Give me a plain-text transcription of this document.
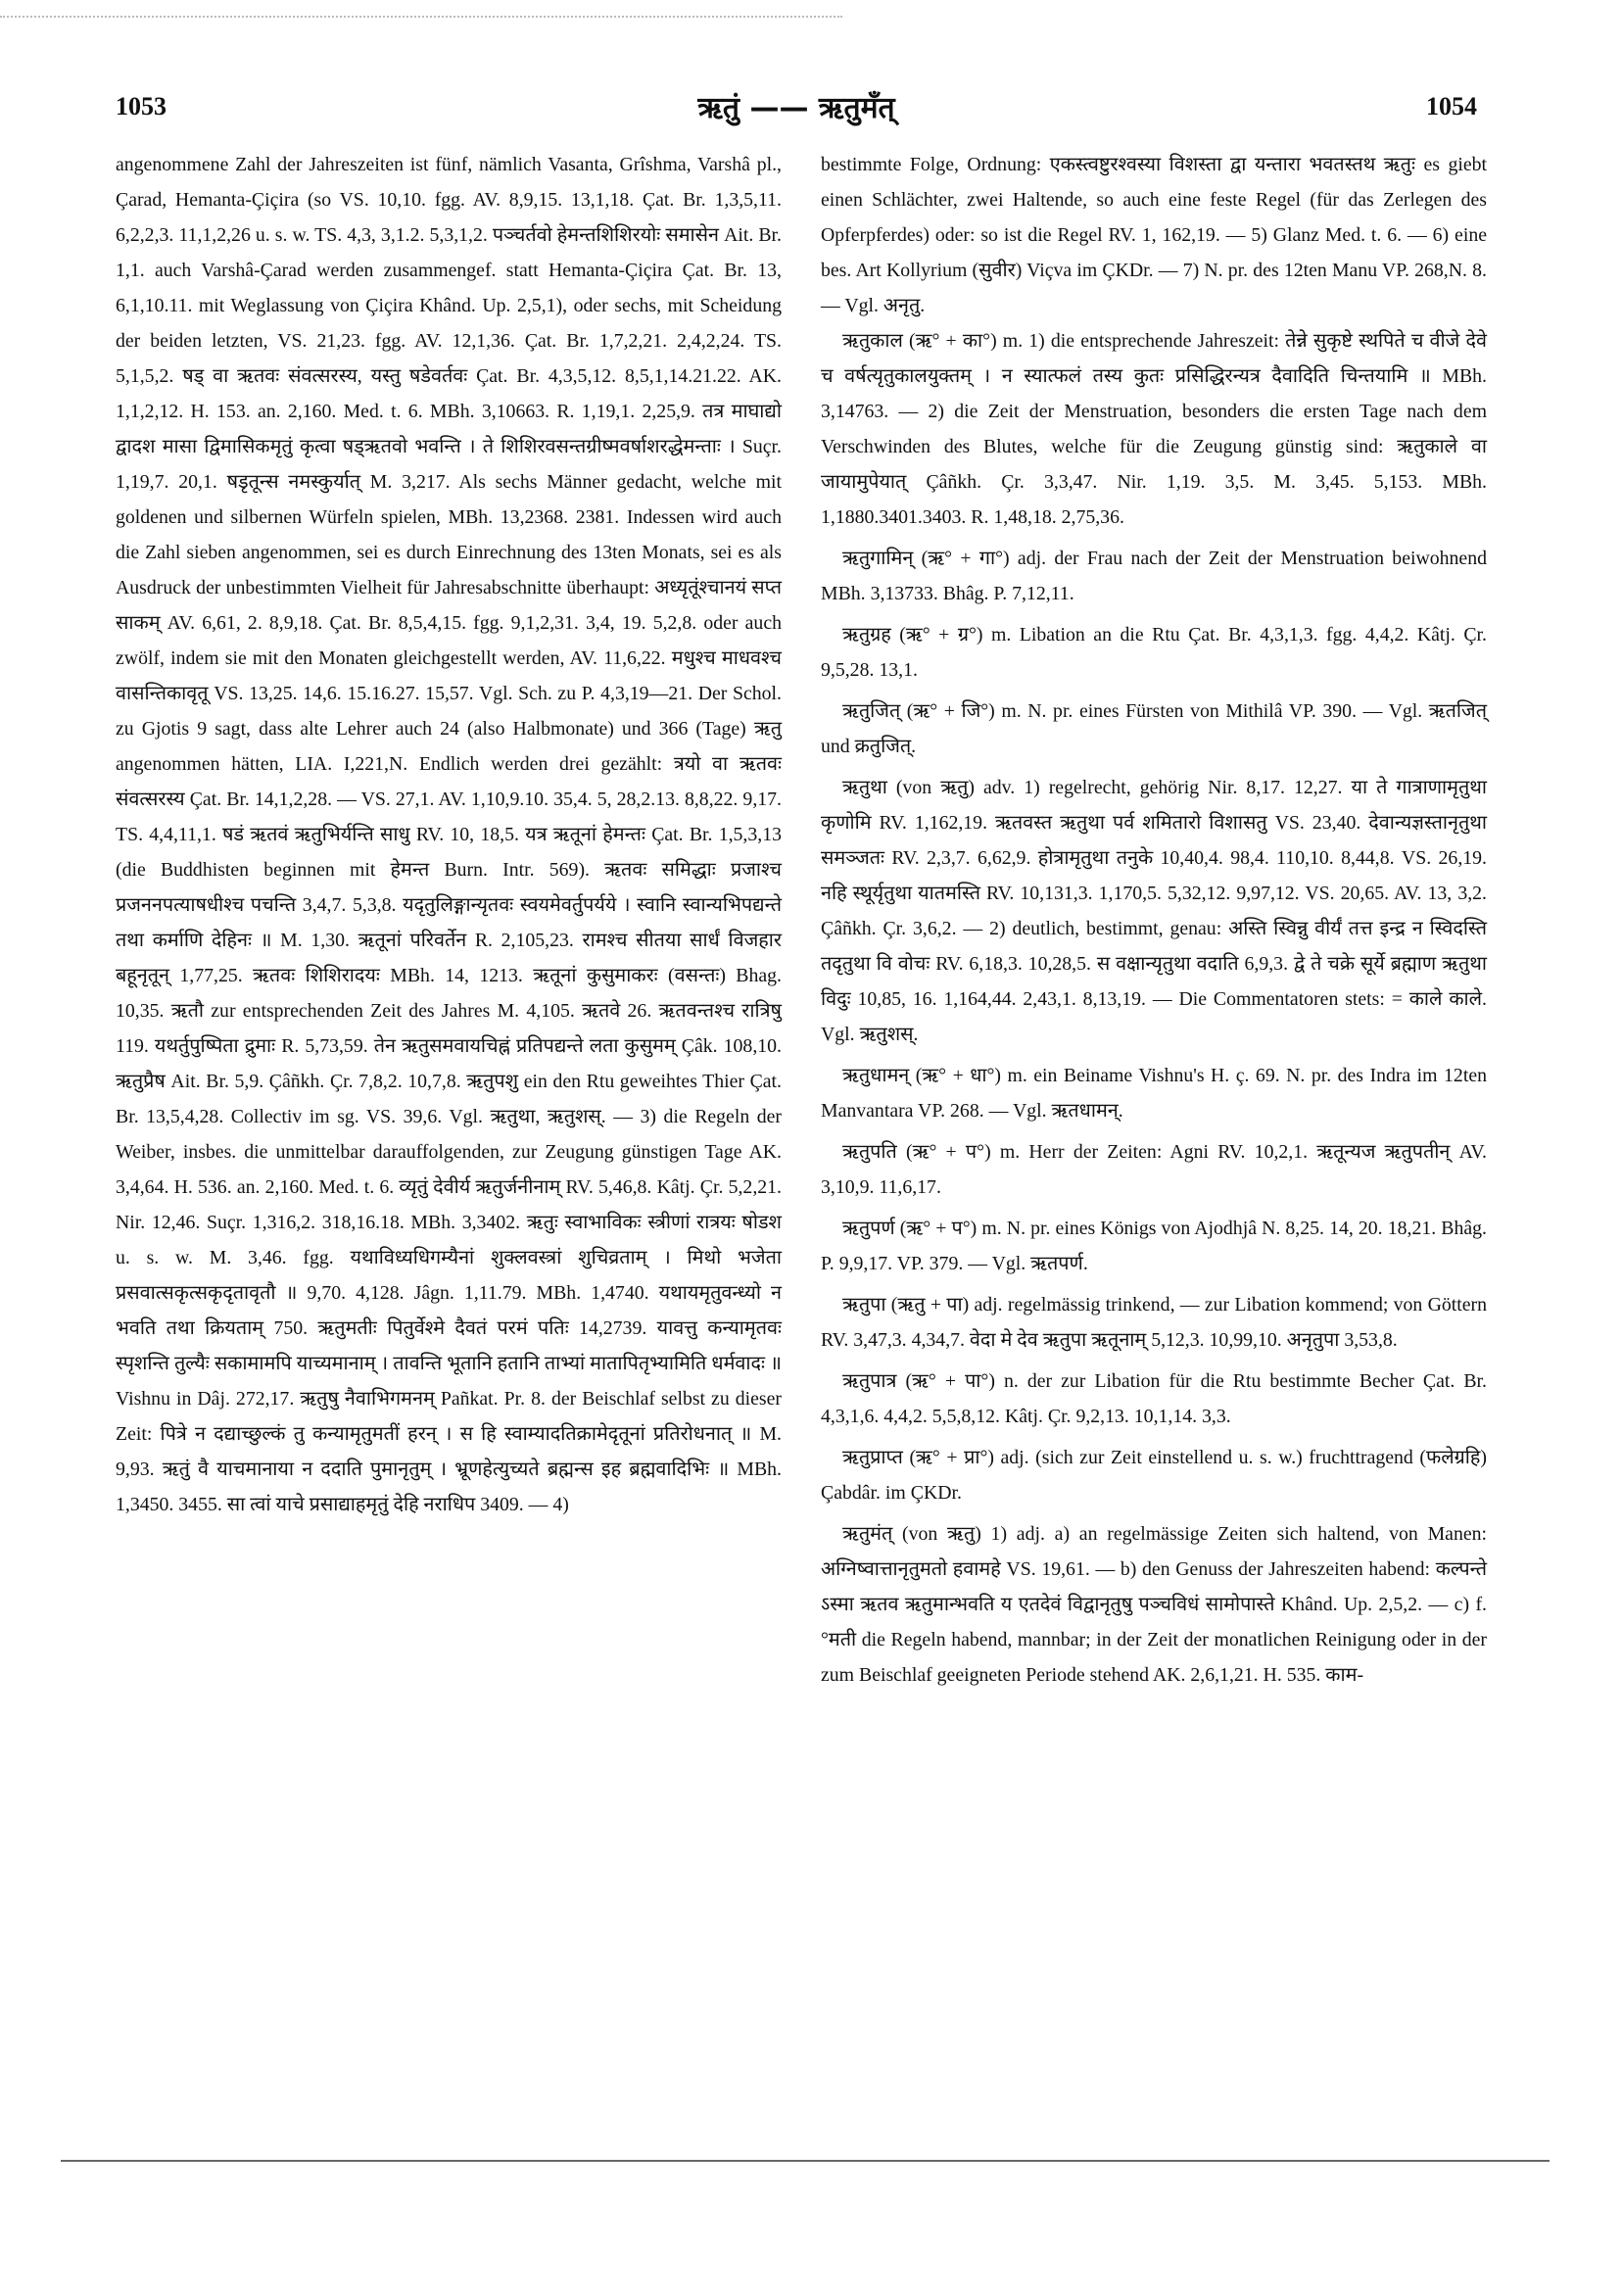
1053	ऋतुं —— ऋतुमँत्	1054

angenommene Zahl der Jahreszeiten ist fünf, nämlich Vasanta, Grîshma, Varshâ pl., Çarad, Hemanta-Çiçira (so VS. 10,10. fgg. AV. 8,9,15. 13,1,18. Çat. Br. 1,3,5,11. 6,2,2,3. 11,1,2,26 u. s. w. TS. 4,3, 3,1.2. 5,3,1,2. पञ्चर्तवो हेमन्तशिशिरयोः समासेन Ait. Br. 1,1. auch Varshâ-Çarad werden zusammengef. statt Hemanta-Çiçira Çat. Br. 13, 6,1,10.11. mit Weglassung von Çiçira Khând. Up. 2,5,1), oder sechs, mit Scheidung der beiden letzten, VS. 21,23. fgg. AV. 12,1,36. Çat. Br. 1,7,2,21. 2,4,2,24. TS. 5,1,5,2. षड् वा ऋतवः संवत्सरस्य, यस्तु षडेवर्तवः Çat. Br. 4,3,5,12. 8,5,1,14.21.22. AK. 1,1,2,12. H. 153. an. 2,160. Med. t. 6. MBh. 3,10663. R. 1,19,1. 2,25,9. तत्र माघाद्यो द्वादश मासा द्विमासिकमृतुं कृत्वा षड्ऋतवो भवन्ति । ते शिशिरवसन्तग्रीष्मवर्षाशरद्धेमन्ताः । Suçr. 1,19,7. 20,1. षडृतून्स नमस्कुर्यात् M. 3,217. Als sechs Männer gedacht, welche mit goldenen und silbernen Würfeln spielen, MBh. 13,2368. 2381. Indessen wird auch die Zahl sieben angenommen, sei es durch Einrechnung des 13ten Monats, sei es als Ausdruck der unbestimmten Vielheit für Jahresabschnitte überhaupt: अध्यृतूंश्चानयं सप्त साकम् AV. 6,61, 2. 8,9,18. Çat. Br. 8,5,4,15. fgg. 9,1,2,31. 3,4, 19. 5,2,8. oder auch zwölf, indem sie mit den Monaten gleichgestellt werden, AV. 11,6,22. मधुश्च माधवश्च वासन्तिकावृतू VS. 13,25. 14,6. 15.16.27. 15,57. Vgl. Sch. zu P. 4,3,19—21. Der Schol. zu Gjotis 9 sagt, dass alte Lehrer auch 24 (also Halbmonate) und 366 (Tage) ऋतु angenommen hätten, LIA. I,221,N. Endlich werden drei gezählt: त्रयो वा ऋतवः संवत्सरस्य Çat. Br. 14,1,2,28. — VS. 27,1. AV. 1,10,9.10. 35,4. 5, 28,2.13. 8,8,22. 9,17. TS. 4,4,11,1. षडं ऋतवं ऋतुभिर्यन्ति साधु RV. 10, 18,5. यत्र ऋतूनां हेमन्तः Çat. Br. 1,5,3,13 (die Buddhisten beginnen mit हेमन्त Burn. Intr. 569). ऋतवः समिद्धाः प्रजाश्च प्रजननपत्याषधीश्च पचन्ति 3,4,7. 5,3,8. यदृतुलिङ्गान्यृतवः स्वयमेवर्तुपर्यये । स्वानि स्वान्यभिपद्यन्ते तथा कर्माणि देहिनः ॥ M. 1,30. ऋतूनां परिवर्तेन R. 2,105,23. रामश्च सीतया सार्धं विजहार बहूनृतून् 1,77,25. ऋतवः शिशिरादयः MBh. 14, 1213. ऋतूनां कुसुमाकरः (वसन्तः) Bhag. 10,35. ऋतौ zur entsprechenden Zeit des Jahres M. 4,105. ऋतवे 26. ऋतवन्तश्च रात्रिषु 119. यथर्तुपुष्पिता द्रुमाः R. 5,73,59. तेन ऋतुसमवायचिह्नं प्रतिपद्यन्ते लता कुसुमम् Çâk. 108,10. ऋतुप्रैष Ait. Br. 5,9. Çâñkh. Çr. 7,8,2. 10,7,8. ऋतुपशु ein den Rtu geweihtes Thier Çat. Br. 13,5,4,28. Collectiv im sg. VS. 39,6. Vgl. ऋतुथा, ऋतुशस्. — 3) die Regeln der Weiber, insbes. die unmittelbar darauffolgenden, zur Zeugung günstigen Tage AK. 3,4,64. H. 536. an. 2,160. Med. t. 6. व्यृतुं देवीर्य ऋतुर्जनीनाम् RV. 5,46,8. Kâtj. Çr. 5,2,21. Nir. 12,46. Suçr. 1,316,2. 318,16.18. MBh. 3,3402. ऋतुः स्वाभाविकः स्त्रीणां रात्रयः षोडश u. s. w. M. 3,46. fgg. यथाविध्यधिगम्यैनां शुक्लवस्त्रां शुचिव्रताम् । मिथो भजेता प्रसवात्सकृत्सकृदृतावृतौ ॥ 9,70. 4,128. Jâgn. 1,11.79. MBh. 1,4740. यथायमृतुवन्ध्यो न भवति तथा क्रियताम् 750. ऋतुमतीः पितुर्वेश्मे दैवतं परमं पतिः 14,2739. यावत्तु कन्यामृतवः स्पृशन्ति तुल्यैः सकामामपि याच्यमानाम् । तावन्ति भूतानि हतानि ताभ्यां मातापितृभ्यामिति धर्मवादः ॥ Vishnu in Dâj. 272,17. ऋतुषु नैवाभिगमनम् Pañkat. Pr. 8. der Beischlaf selbst zu dieser Zeit: पित्रे न दद्याच्छुल्कं तु कन्यामृतुमतीं हरन् । स हि स्वाम्यादतिक्रामेदृतूनां प्रतिरोधनात् ॥ M. 9,93. ऋतुं वै याचमानाया न ददाति पुमानृतुम् । भ्रूणहेत्युच्यते ब्रह्मन्स इह ब्रह्मवादिभिः ॥ MBh. 1,3450. 3455. सा त्वां याचे प्रसाद्याहमृतुं देहि नराधिप 3409. — 4)

bestimmte Folge, Ordnung: एकस्त्वष्टुरश्वस्या विशस्ता द्वा यन्तारा भवतस्तथ ऋतुः es giebt einen Schlächter, zwei Haltende, so auch eine feste Regel (für das Zerlegen des Opferpferdes) oder: so ist die Regel RV. 1, 162,19. — 5) Glanz Med. t. 6. — 6) eine bes. Art Kollyrium (सुवीर) Viçva im ÇKDr. — 7) N. pr. des 12ten Manu VP. 268,N. 8. — Vgl. अनृतु.

ऋतुकाल (ऋ° + का°) m. 1) die entsprechende Jahreszeit: तेन्ने सुकृष्टे स्थपिते च वीजे देवे च वर्षत्यृतुकालयुक्तम् । न स्यात्फलं तस्य कुतः प्रसिद्धिरन्यत्र दैवादिति चिन्तयामि ॥ MBh. 3,14763. — 2) die Zeit der Menstruation, besonders die ersten Tage nach dem Verschwinden des Blutes, welche für die Zeugung günstig sind: ऋतुकाले वा जायामुपेयात् Çâñkh. Çr. 3,3,47. Nir. 1,19. 3,5. M. 3,45. 5,153. MBh. 1,1880.3401.3403. R. 1,48,18. 2,75,36.

ऋतुगामिन् (ऋ° + गा°) adj. der Frau nach der Zeit der Menstruation beiwohnend MBh. 3,13733. Bhâg. P. 7,12,11.

ऋतुग्रह (ऋ° + ग्र°) m. Libation an die Rtu Çat. Br. 4,3,1,3. fgg. 4,4,2. Kâtj. Çr. 9,5,28. 13,1.

ऋतुजित् (ऋ° + जि°) m. N. pr. eines Fürsten von Mithilâ VP. 390. — Vgl. ऋतजित् und क्रतुजित्.

ऋतुथा (von ऋतु) adv. 1) regelrecht, gehörig Nir. 8,17. 12,27. या ते गात्राणामृतुथा कृणोमि RV. 1,162,19. ऋतवस्त ऋतुथा पर्व शमितारो विशासतु VS. 23,40. देवान्यज्ञस्तानृतुथा समञ्जतः RV. 2,3,7. 6,62,9. होत्रामृतुथा तनुके 10,40,4. 98,4. 110,10. 8,44,8. VS. 26,19. नहि स्थूर्यृतुथा यातमस्ति RV. 10,131,3. 1,170,5. 5,32,12. 9,97,12. VS. 20,65. AV. 13, 3,2. Çâñkh. Çr. 3,6,2. — 2) deutlich, bestimmt, genau: अस्ति स्विन्नु वीर्यं तत्त इन्द्र न स्विदस्ति तदृतुथा वि वोचः RV. 6,18,3. 10,28,5. स वक्षान्यृतुथा वदाति 6,9,3. द्वे ते चक्रे सूर्ये ब्रह्माण ऋतुथा विदुः 10,85, 16. 1,164,44. 2,43,1. 8,13,19. — Die Commentatoren stets: = काले काले. Vgl. ऋतुशस्.

ऋतुधामन् (ऋ° + धा°) m. ein Beiname Vishnu's H. ç. 69. N. pr. des Indra im 12ten Manvantara VP. 268. — Vgl. ऋतधामन्.

ऋतुपति (ऋ° + प°) m. Herr der Zeiten: Agni RV. 10,2,1. ऋतून्यज ऋतुपतीन् AV. 3,10,9. 11,6,17.

ऋतुपर्ण (ऋ° + प°) m. N. pr. eines Königs von Ajodhjâ N. 8,25. 14, 20. 18,21. Bhâg. P. 9,9,17. VP. 379. — Vgl. ऋतपर्ण.

ऋतुपा (ऋतु + पा) adj. regelmässig trinkend, — zur Libation kommend; von Göttern RV. 3,47,3. 4,34,7. वेदा मे देव ऋतुपा ऋतूनाम् 5,12,3. 10,99,10. अनृतुपा 3,53,8.

ऋतुपात्र (ऋ° + पा°) n. der zur Libation für die Rtu bestimmte Becher Çat. Br. 4,3,1,6. 4,4,2. 5,5,8,12. Kâtj. Çr. 9,2,13. 10,1,14. 3,3.

ऋतुप्राप्त (ऋ° + प्रा°) adj. (sich zur Zeit einstellend u. s. w.) fruchttragend (फलेग्रहि) Çabdâr. im ÇKDr.

ऋतुमंत् (von ऋतु) 1) adj. a) an regelmässige Zeiten sich haltend, von Manen: अग्निष्वात्तानृतुमतो हवामहे VS. 19,61. — b) den Genuss der Jahreszeiten habend: कल्पन्ते ऽस्मा ऋतव ऋतुमान्भवति य एतदेवं विद्वानृतुषु पञ्चविधं सामोपास्ते Khând. Up. 2,5,2. — c) f. °मती die Regeln habend, mannbar; in der Zeit der monatlichen Reinigung oder in der zum Beischlaf geeigneten Periode stehend AK. 2,6,1,21. H. 535. काम-
